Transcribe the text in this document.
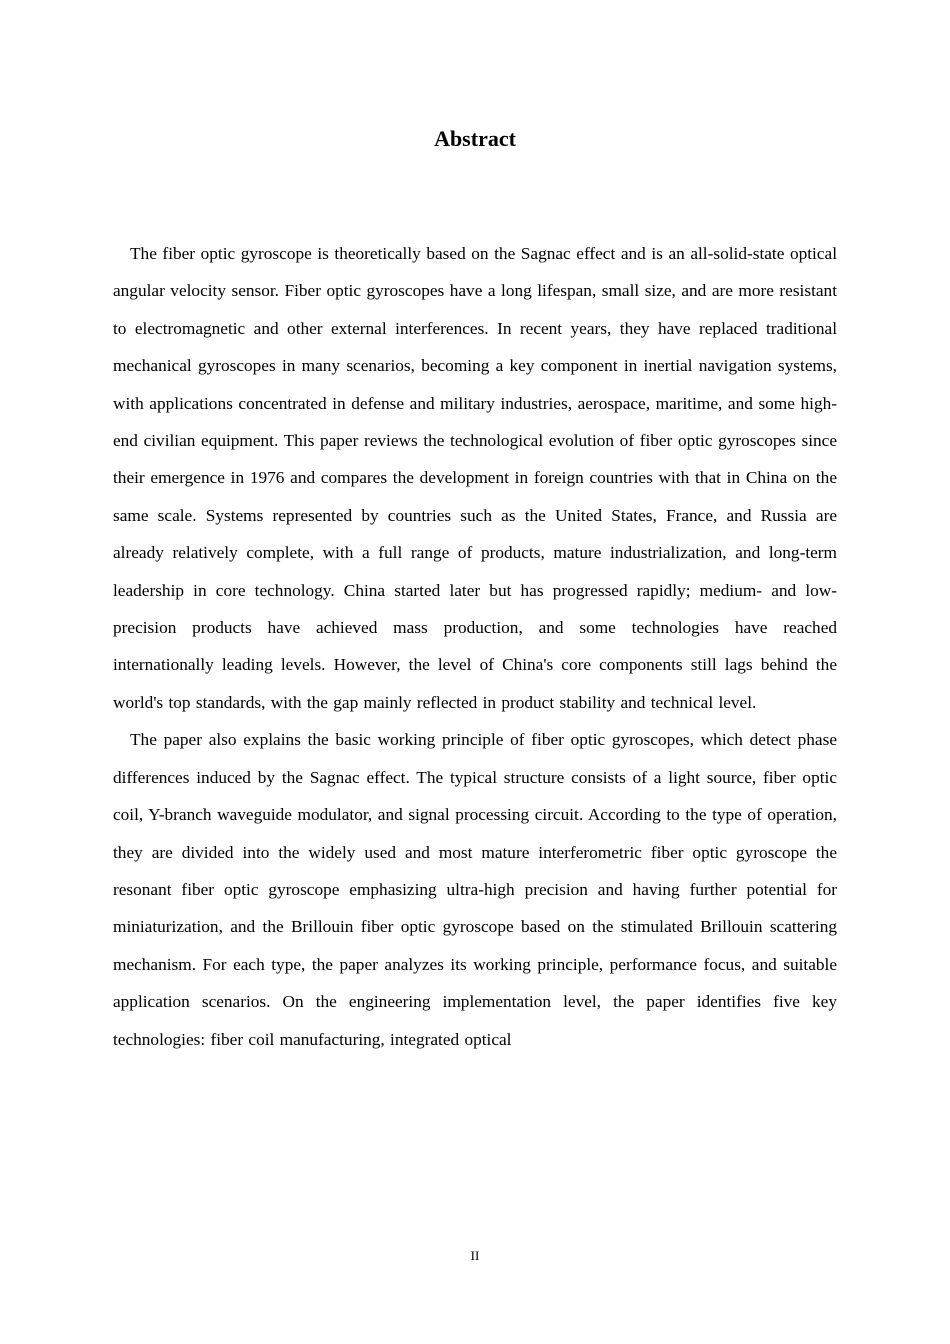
Abstract

The fiber optic gyroscope is theoretically based on the Sagnac effect and is an all-solid-state optical angular velocity sensor. Fiber optic gyroscopes have a long lifespan, small size, and are more resistant to electromagnetic and other external interferences. In recent years, they have replaced traditional mechanical gyroscopes in many scenarios, becoming a key component in inertial navigation systems, with applications concentrated in defense and military industries, aerospace, maritime, and some high-end civilian equipment. This paper reviews the technological evolution of fiber optic gyroscopes since their emergence in 1976 and compares the development in foreign countries with that in China on the same scale. Systems represented by countries such as the United States, France, and Russia are already relatively complete, with a full range of products, mature industrialization, and long-term leadership in core technology. China started later but has progressed rapidly; medium- and low-precision products have achieved mass production, and some technologies have reached internationally leading levels. However, the level of China's core components still lags behind the world's top standards, with the gap mainly reflected in product stability and technical level.

The paper also explains the basic working principle of fiber optic gyroscopes, which detect phase differences induced by the Sagnac effect. The typical structure consists of a light source, fiber optic coil, Y-branch waveguide modulator, and signal processing circuit. According to the type of operation, they are divided into the widely used and most mature interferometric fiber optic gyroscope the resonant fiber optic gyroscope emphasizing ultra-high precision and having further potential for miniaturization, and the Brillouin fiber optic gyroscope based on the stimulated Brillouin scattering mechanism. For each type, the paper analyzes its working principle, performance focus, and suitable application scenarios. On the engineering implementation level, the paper identifies five key technologies: fiber coil manufacturing, integrated optical

II
